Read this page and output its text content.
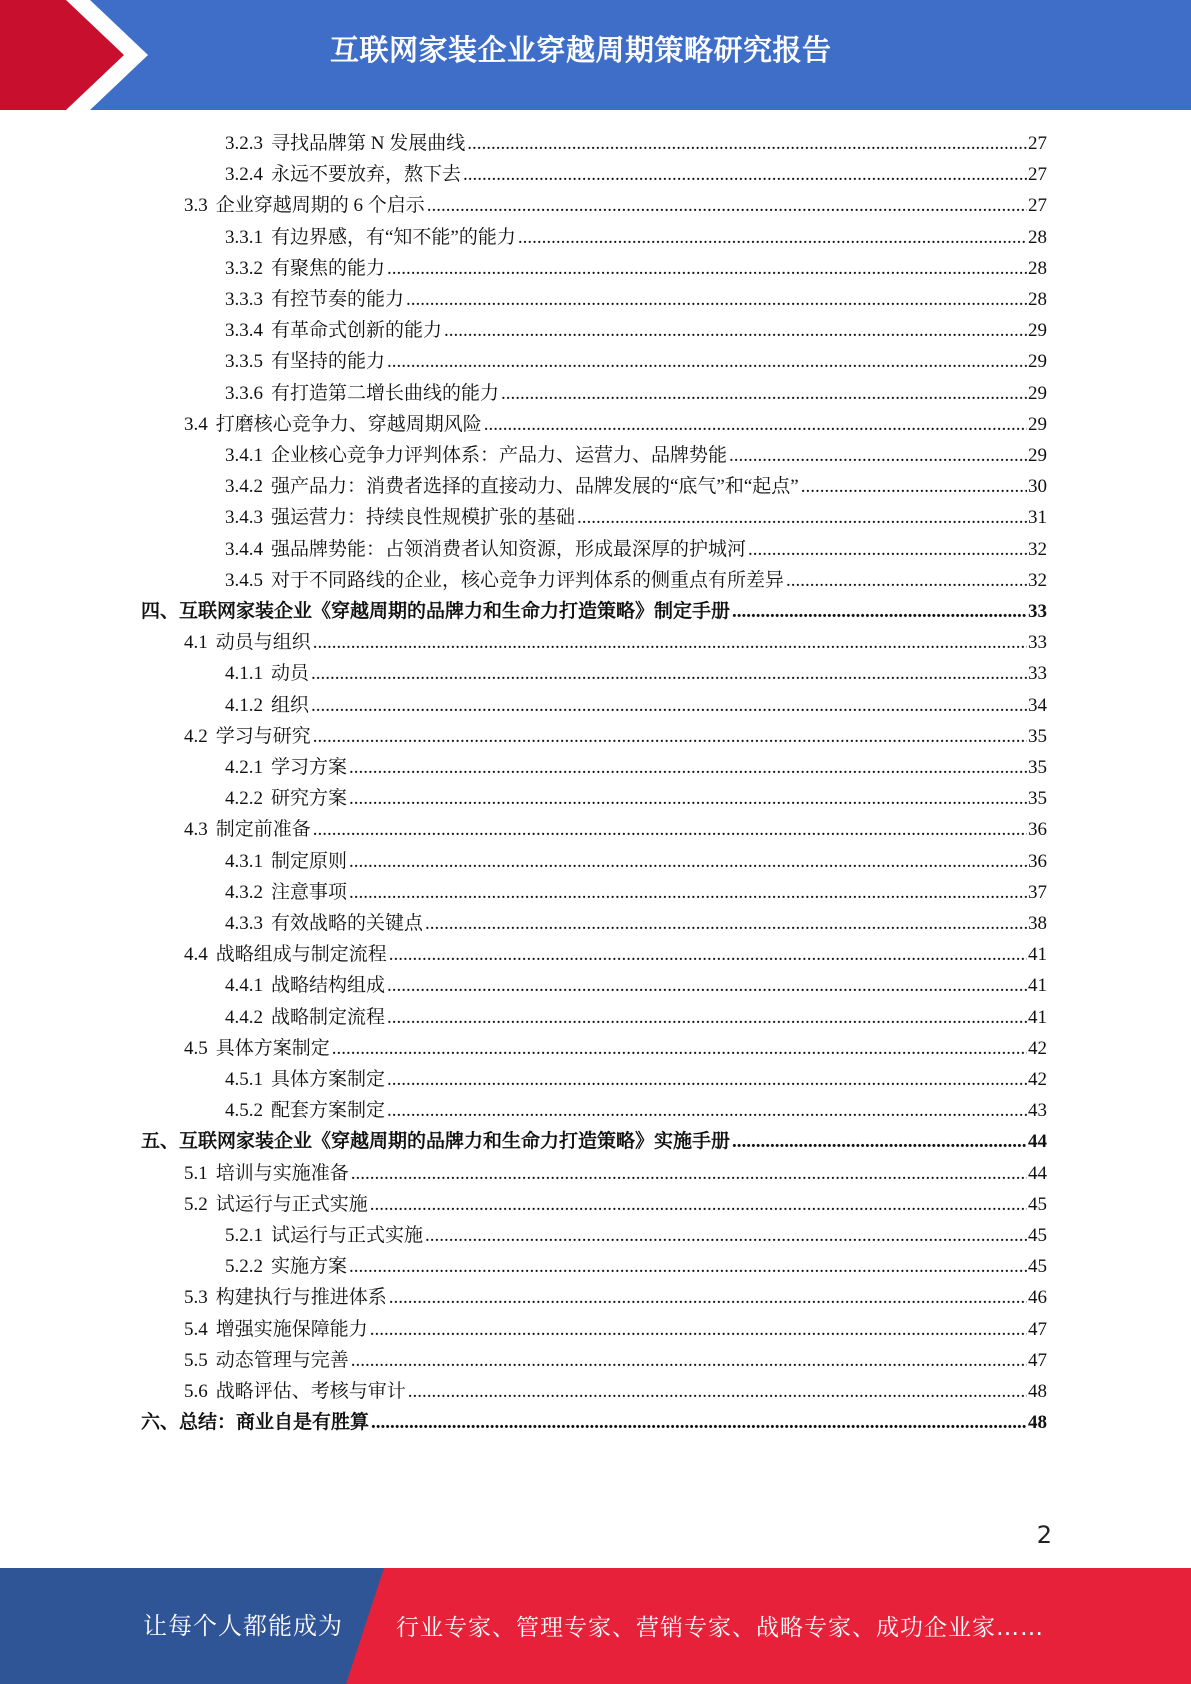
互联网家装企业穿越周期策略研究报告
3.2.3 寻找品牌第 N 发展曲线 .....	27
3.2.4 永远不要放弃，熬下去 .....	27
3.3 企业穿越周期的 6 个启示 .....	27
3.3.1 有边界感，有“知不能”的能力 .....	28
3.3.2 有聚焦的能力 .....	28
3.3.3 有控节奏的能力 .....	28
3.3.4 有革命式创新的能力 .....	29
3.3.5 有坚持的能力 .....	29
3.3.6 有打造第二增长曲线的能力 .....	29
3.4 打磨核心竞争力、穿越周期风险 .....	29
3.4.1 企业核心竞争力评判体系：产品力、运营力、品牌势能 .....	29
3.4.2 强产品力：消费者选择的直接动力、品牌发展的“底气”和“起点” .....	30
3.4.3 强运营力：持续良性规模扩张的基础 .....	31
3.4.4 强品牌势能：占领消费者认知资源，形成最深厚的护城河 .....	32
3.4.5 对于不同路线的企业，核心竞争力评判体系的侧重点有所差异 .....	32
四、互联网家装企业《穿越周期的品牌力和生命力打造策略》制定手册 .....	33
4.1 动员与组织 .....	33
4.1.1 动员 .....	33
4.1.2 组织 .....	34
4.2 学习与研究 .....	35
4.2.1 学习方案 .....	35
4.2.2 研究方案 .....	35
4.3 制定前准备 .....	36
4.3.1 制定原则 .....	36
4.3.2 注意事项 .....	37
4.3.3 有效战略的关键点 .....	38
4.4 战略组成与制定流程 .....	41
4.4.1 战略结构组成 .....	41
4.4.2 战略制定流程 .....	41
4.5 具体方案制定 .....	42
4.5.1 具体方案制定 .....	42
4.5.2 配套方案制定 .....	43
五、互联网家装企业《穿越周期的品牌力和生命力打造策略》实施手册 .....	44
5.1 培训与实施准备 .....	44
5.2 试运行与正式实施 .....	45
5.2.1 试运行与正式实施 .....	45
5.2.2 实施方案 .....	45
5.3 构建执行与推进体系 .....	46
5.4 增强实施保障能力 .....	47
5.5 动态管理与完善 .....	47
5.6 战略评估、考核与审计 .....	48
六、总结：商业自是有胜算 .....	48
2
让每个人都能成为 行业专家、管理专家、营销专家、战略专家、成功企业家……
